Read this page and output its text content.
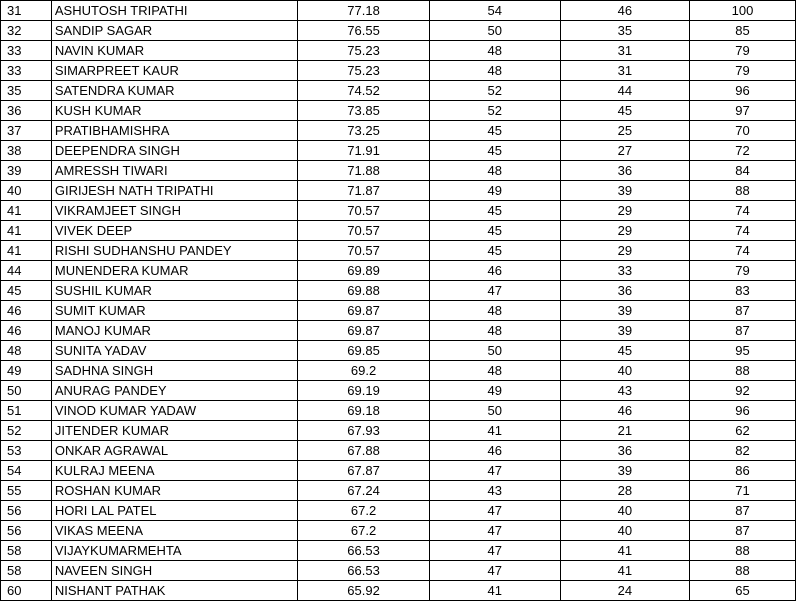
31	ASHUTOSH TRIPATHI	77.18	54	46	100
32	SANDIP SAGAR	76.55	50	35	85
33	NAVIN KUMAR	75.23	48	31	79
33	SIMARPREET KAUR	75.23	48	31	79
35	SATENDRA KUMAR	74.52	52	44	96
36	KUSH KUMAR	73.85	52	45	97
37	PRATIBHAMISHRA	73.25	45	25	70
38	DEEPENDRA SINGH	71.91	45	27	72
39	AMRESSH TIWARI	71.88	48	36	84
40	GIRIJESH NATH TRIPATHI	71.87	49	39	88
41	VIKRAMJEET SINGH	70.57	45	29	74
41	VIVEK DEEP	70.57	45	29	74
41	RISHI SUDHANSHU PANDEY	70.57	45	29	74
44	MUNENDERA KUMAR	69.89	46	33	79
45	SUSHIL KUMAR	69.88	47	36	83
46	SUMIT KUMAR	69.87	48	39	87
46	MANOJ KUMAR	69.87	48	39	87
48	SUNITA YADAV	69.85	50	45	95
49	SADHNA SINGH	69.2	48	40	88
50	ANURAG PANDEY	69.19	49	43	92
51	VINOD KUMAR YADAW	69.18	50	46	96
52	JITENDER KUMAR	67.93	41	21	62
53	ONKAR AGRAWAL	67.88	46	36	82
54	KULRAJ MEENA	67.87	47	39	86
55	ROSHAN KUMAR	67.24	43	28	71
56	HORI LAL PATEL	67.2	47	40	87
56	VIKAS MEENA	67.2	47	40	87
58	VIJAYKUMARMEHTA	66.53	47	41	88
58	NAVEEN SINGH	66.53	47	41	88
60	NISHANT PATHAK	65.92	41	24	65
